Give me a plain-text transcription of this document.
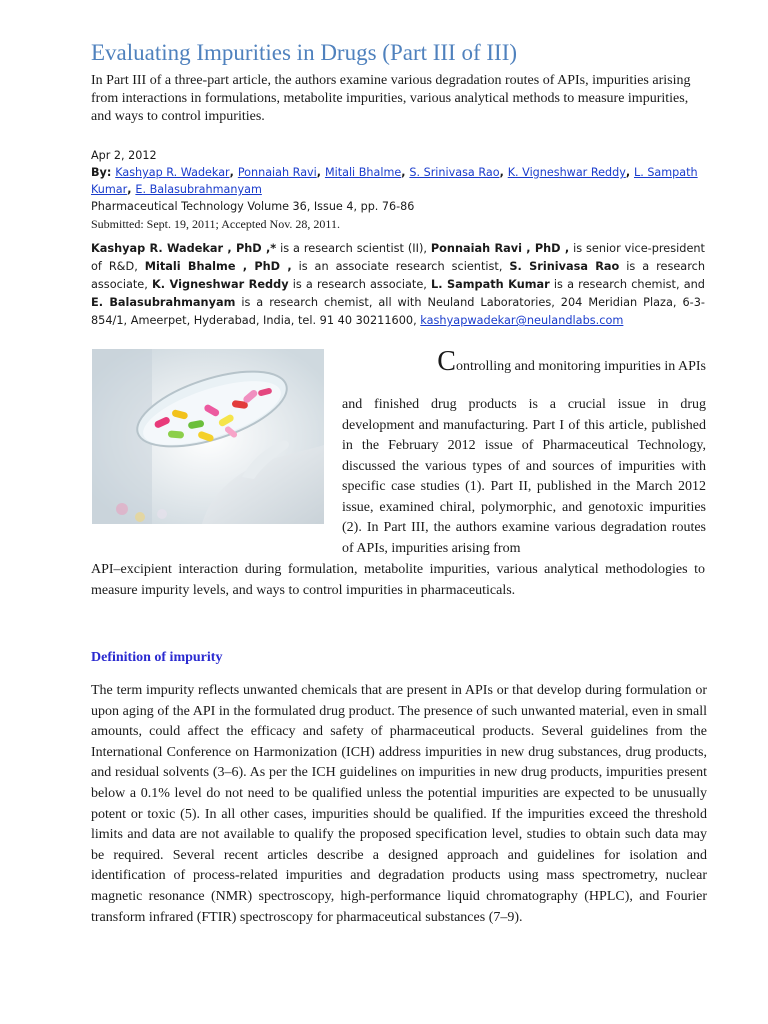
Evaluating Impurities in Drugs (Part III of III)
In Part III of a three-part article, the authors examine various degradation routes of APIs, impurities arising from interactions in formulations, metabolite impurities, various analytical methods to measure impurities, and ways to control impurities.
Apr 2, 2012
By: Kashyap R. Wadekar, Ponnaiah Ravi, Mitali Bhalme, S. Srinivasa Rao, K. Vigneshwar Reddy, L. Sampath Kumar, E. Balasubrahmanyam
Pharmaceutical Technology Volume 36, Issue 4, pp. 76-86
Submitted: Sept. 19, 2011; Accepted Nov. 28, 2011.
Kashyap R. Wadekar , PhD ,* is a research scientist (II), Ponnaiah Ravi , PhD , is senior vice-president of R&D, Mitali Bhalme , PhD , is an associate research scientist, S. Srinivasa Rao is a research associate, K. Vigneshwar Reddy is a research associate, L. Sampath Kumar is a research chemist, and E. Balasubrahmanyam is a research chemist, all with Neuland Laboratories, 204 Meridian Plaza, 6-3-854/1, Ameerpet, Hyderabad, India, tel. 91 40 30211600, kashyapwadekar@neulandlabs.com
Controlling and monitoring impurities in APIs
and finished drug products is a crucial issue in drug development and manufacturing. Part I of this article, published in the February 2012 issue of Pharmaceutical Technology, discussed the various types of and sources of impurities with specific case studies (1). Part II, published in the March 2012 issue, examined chiral, polymorphic, and genotoxic impurities (2). In Part III, the authors examine various degradation routes of APIs, impurities arising from
API–excipient interaction during formulation, metabolite impurities, various analytical methodologies to measure impurity levels, and ways to control impurities in pharmaceuticals.
Definition of impurity
The term impurity reflects unwanted chemicals that are present in APIs or that develop during formulation or upon aging of the API in the formulated drug product. The presence of such unwanted material, even in small amounts, could affect the efficacy and safety of pharmaceutical products. Several guidelines from the International Conference on Harmonization (ICH) address impurities in new drug substances, drug products, and residual solvents (3–6). As per the ICH guidelines on impurities in new drug products, impurities present below a 0.1% level do not need to be qualified unless the potential impurities are expected to be unusually potent or toxic (5). In all other cases, impurities should be qualified. If the impurities exceed the threshold limits and data are not available to qualify the proposed specification level, studies to obtain such data may be required. Several recent articles describe a designed approach and guidelines for isolation and identification of process-related impurities and degradation products using mass spectrometry, nuclear magnetic resonance (NMR) spectroscopy, high-performance liquid chromatography (HPLC), and Fourier transform infrared (FTIR) spectroscopy for pharmaceutical substances (7–9).
